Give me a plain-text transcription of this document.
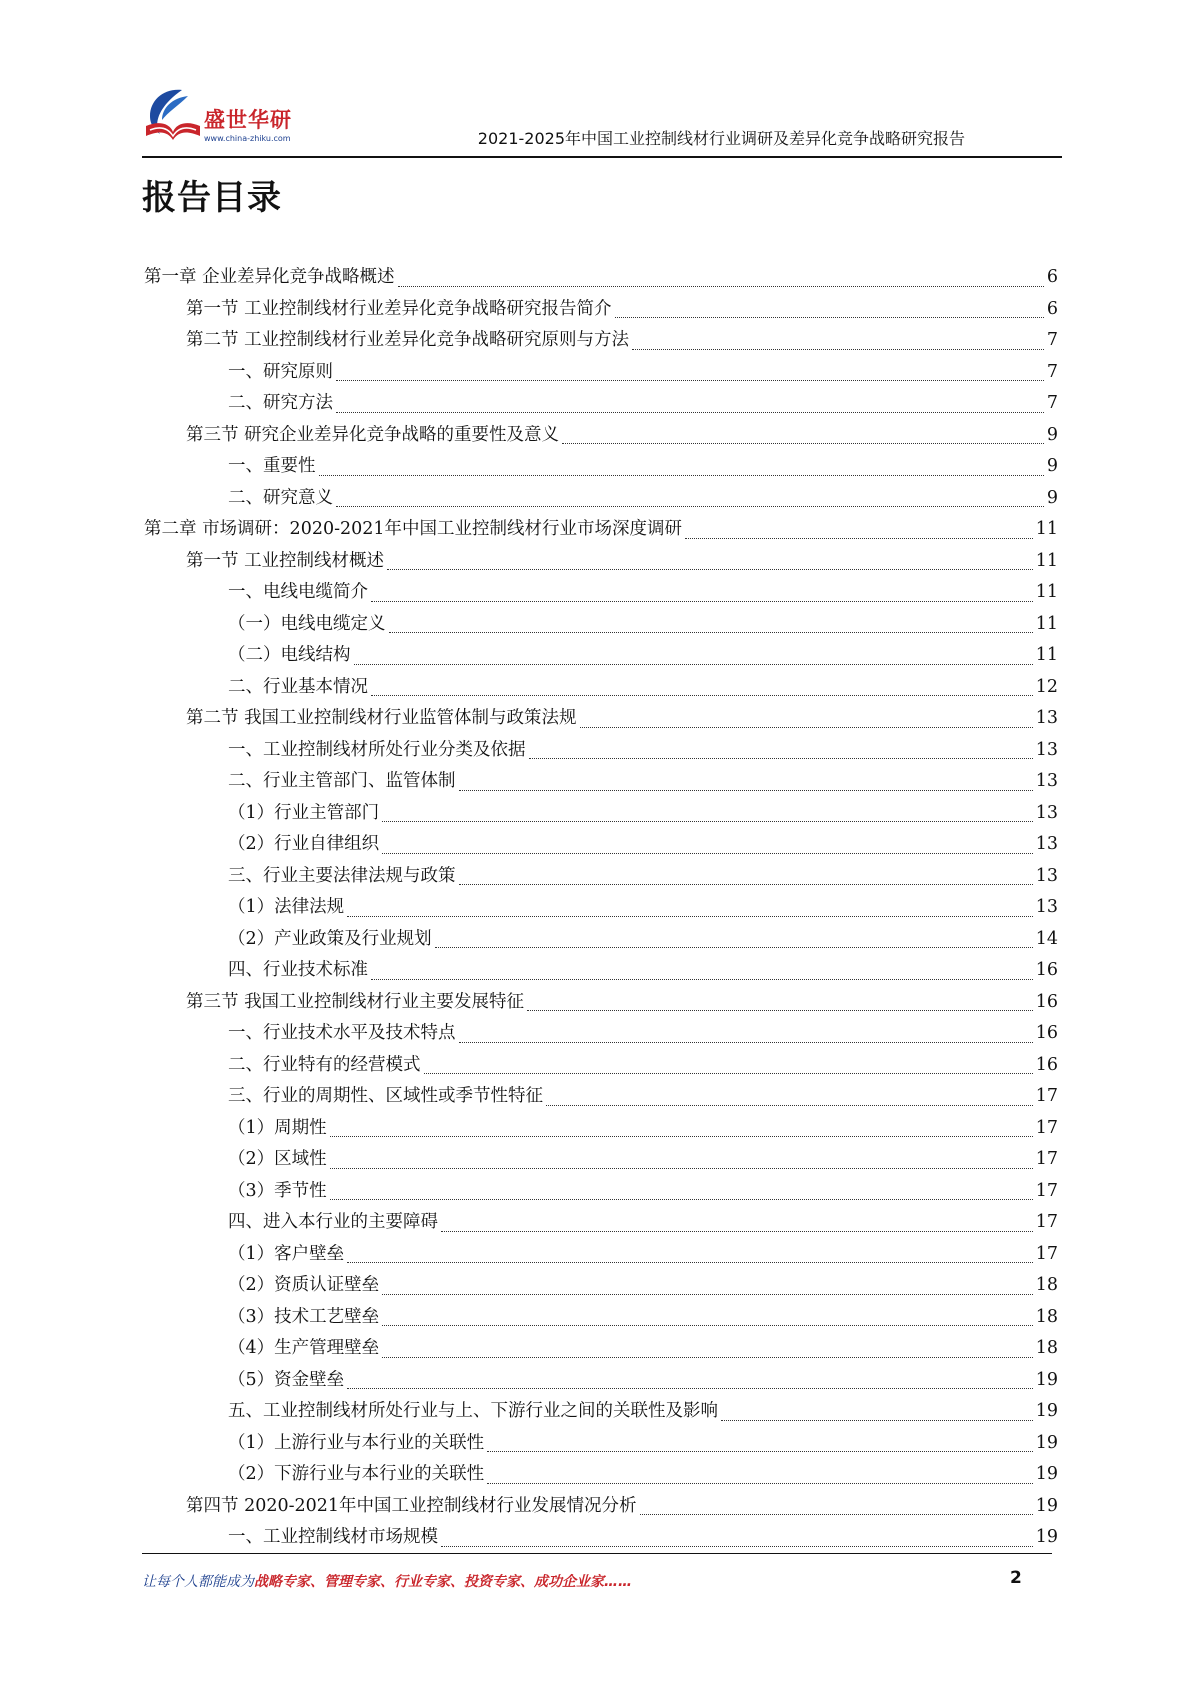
盛世华研
www.china-zhiku.com	2021-2025年中国工业控制线材行业调研及差异化竞争战略研究报告
报告目录
第一章 企业差异化竞争战略概述	6
第一节 工业控制线材行业差异化竞争战略研究报告简介	6
第二节 工业控制线材行业差异化竞争战略研究原则与方法	7
一、研究原则	7
二、研究方法	7
第三节 研究企业差异化竞争战略的重要性及意义	9
一、重要性	9
二、研究意义	9
第二章 市场调研：2020-2021年中国工业控制线材行业市场深度调研	11
第一节 工业控制线材概述	11
一、电线电缆简介	11
（一）电线电缆定义	11
（二）电线结构	11
二、行业基本情况	12
第二节 我国工业控制线材行业监管体制与政策法规	13
一、工业控制线材所处行业分类及依据	13
二、行业主管部门、监管体制	13
（1）行业主管部门	13
（2）行业自律组织	13
三、行业主要法律法规与政策	13
（1）法律法规	13
（2）产业政策及行业规划	14
四、行业技术标准	16
第三节 我国工业控制线材行业主要发展特征	16
一、行业技术水平及技术特点	16
二、行业特有的经营模式	16
三、行业的周期性、区域性或季节性特征	17
（1）周期性	17
（2）区域性	17
（3）季节性	17
四、进入本行业的主要障碍	17
（1）客户壁垒	17
（2）资质认证壁垒	18
（3）技术工艺壁垒	18
（4）生产管理壁垒	18
（5）资金壁垒	19
五、工业控制线材所处行业与上、下游行业之间的关联性及影响	19
（1）上游行业与本行业的关联性	19
（2）下游行业与本行业的关联性	19
第四节 2020-2021年中国工业控制线材行业发展情况分析	19
一、工业控制线材市场规模	19
让每个人都能成为战略专家、管理专家、行业专家、投资专家、成功企业家……	2
